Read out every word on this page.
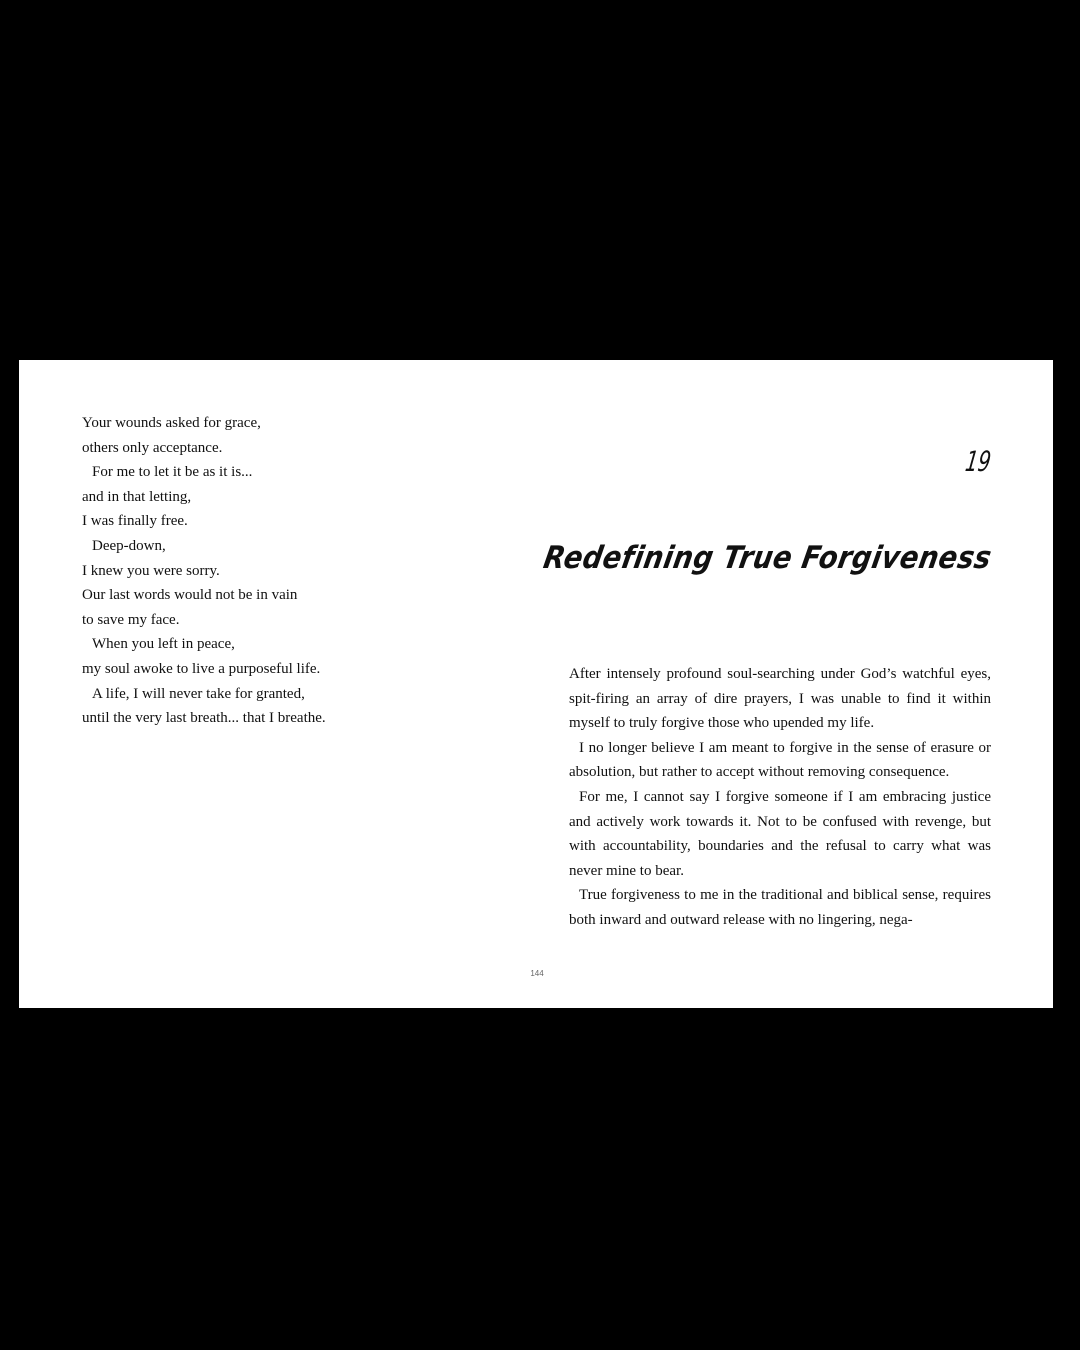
Your wounds asked for grace,
others only acceptance.
For me to let it be as it is...
and in that letting,
I was finally free.
Deep-down,
I knew you were sorry.
Our last words would not be in vain
to save my face.
When you left in peace,
my soul awoke to live a purposeful life.
A life, I will never take for granted,
until the very last breath... that I breathe.
19
Redefining True Forgiveness

After intensely profound soul-searching under God’s watchful eyes, spit-firing an array of dire prayers, I was unable to find it within myself to truly forgive those who upended my life.

I no longer believe I am meant to forgive in the sense of erasure or absolution, but rather to accept without removing consequence.

For me, I cannot say I forgive someone if I am embracing justice and actively work towards it. Not to be confused with revenge, but with accountability, boundaries and the refusal to carry what was never mine to bear.

True forgiveness to me in the traditional and biblical sense, requires both inward and outward release with no lingering, nega-

144
